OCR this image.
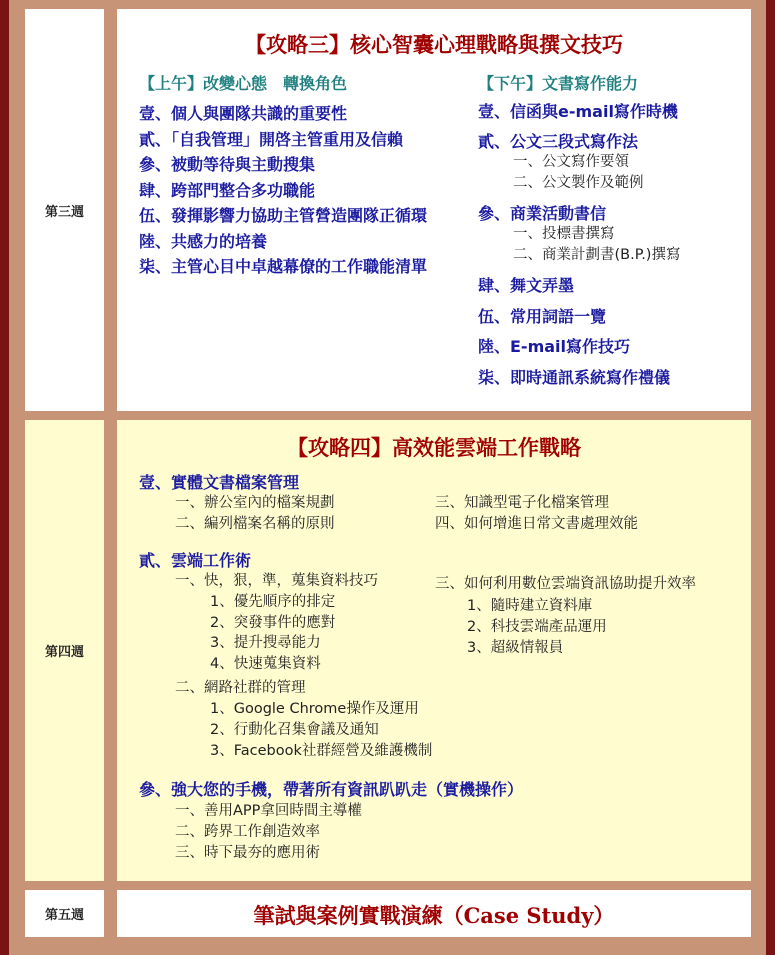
第三週
【攻略三】核心智囊心理戰略與撰文技巧
【上午】改變心態　轉換角色
壹、個人與團隊共識的重要性
貳、「自我管理」開啓主管重用及信賴
參、被動等待與主動搜集
肆、跨部門整合多功職能
伍、發揮影響力協助主管營造團隊正循環
陸、共感力的培養
柒、主管心目中卓越幕僚的工作職能清單
【下午】文書寫作能力
壹、信函與e-mail寫作時機
貳、公文三段式寫作法
一、公文寫作要領
二、公文製作及範例
參、商業活動書信
一、投標書撰寫
二、商業計劃書(B.P.)撰寫
肆、舞文弄墨
伍、常用詞語一覽
陸、E-mail寫作技巧
柒、即時通訊系統寫作禮儀
第四週
【攻略四】高效能雲端工作戰略
壹、實體文書檔案管理
一、辦公室內的檔案規劃
二、編列檔案名稱的原則
三、知識型電子化檔案管理
四、如何增進日常文書處理效能
貳、雲端工作術
一、快，狠，準，蒐集資料技巧
1、優先順序的排定
2、突發事件的應對
3、提升搜尋能力
4、快速蒐集資料
二、網路社群的管理
1、Google Chrome操作及運用
2、行動化召集會議及通知
3、Facebook社群經營及維護機制
三、如何利用數位雲端資訊協助提升效率
1、隨時建立資料庫
2、科技雲端產品運用
3、超級情報員
參、強大您的手機，帶著所有資訊趴趴走（實機操作）
一、善用APP拿回時間主導權
二、跨界工作創造效率
三、時下最夯的應用術
第五週	筆試與案例實戰演練（Case Study）
